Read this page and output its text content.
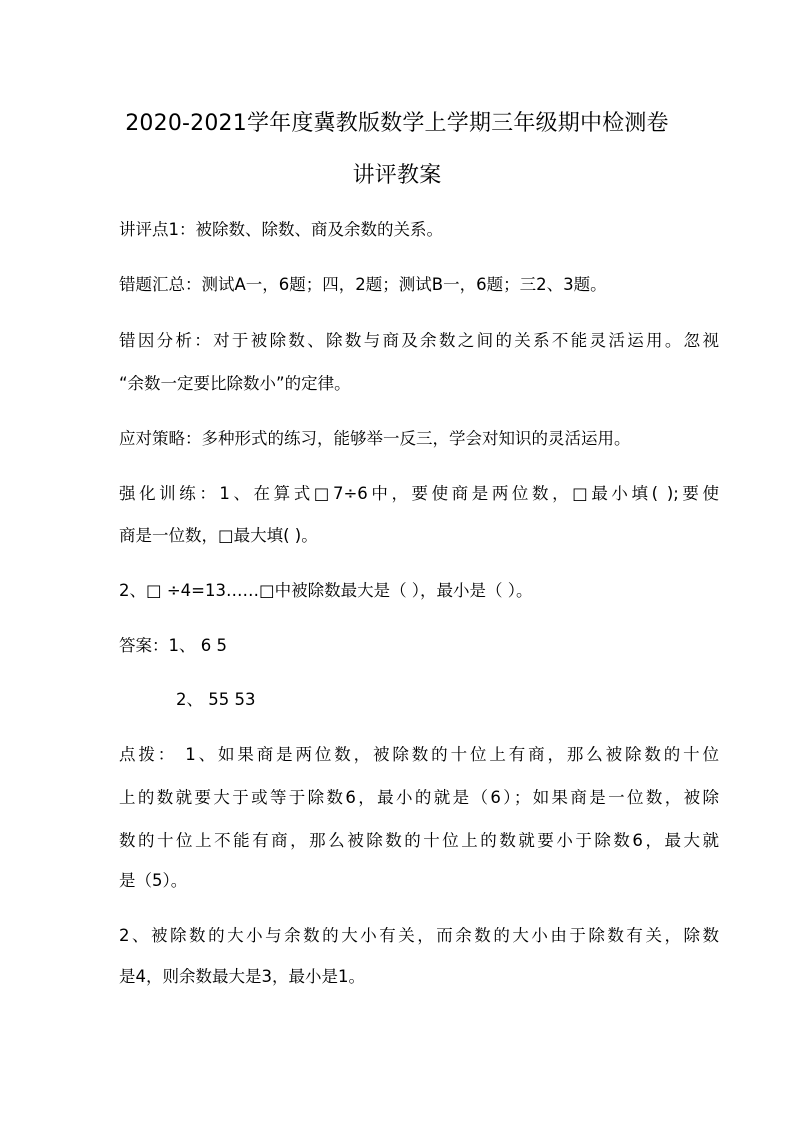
2020-2021学年度冀教版数学上学期三年级期中检测卷
讲评教案
讲评点1：被除数、除数、商及余数的关系。
错题汇总：测试A一，6题；四，2题；测试B一，6题；三2、3题。
错因分析：对于被除数、除数与商及余数之间的关系不能灵活运用。忽视
“余数一定要比除数小”的定律。
应对策略：多种形式的练习，能够举一反三，学会对知识的灵活运用。
强化训练：1、在算式□7÷6中，要使商是两位数，□最小填( );要使
商是一位数，□最大填( )。
2、□ ÷4=13……□中被除数最大是（ ），最小是（ ）。
答案：1、 6 5
2、 55 53
点拨： 1、如果商是两位数，被除数的十位上有商，那么被除数的十位
上的数就要大于或等于除数6，最小的就是（6）；如果商是一位数，被除
数的十位上不能有商，那么被除数的十位上的数就要小于除数6，最大就
是（5）。
2、被除数的大小与余数的大小有关，而余数的大小由于除数有关，除数
是4，则余数最大是3，最小是1。
